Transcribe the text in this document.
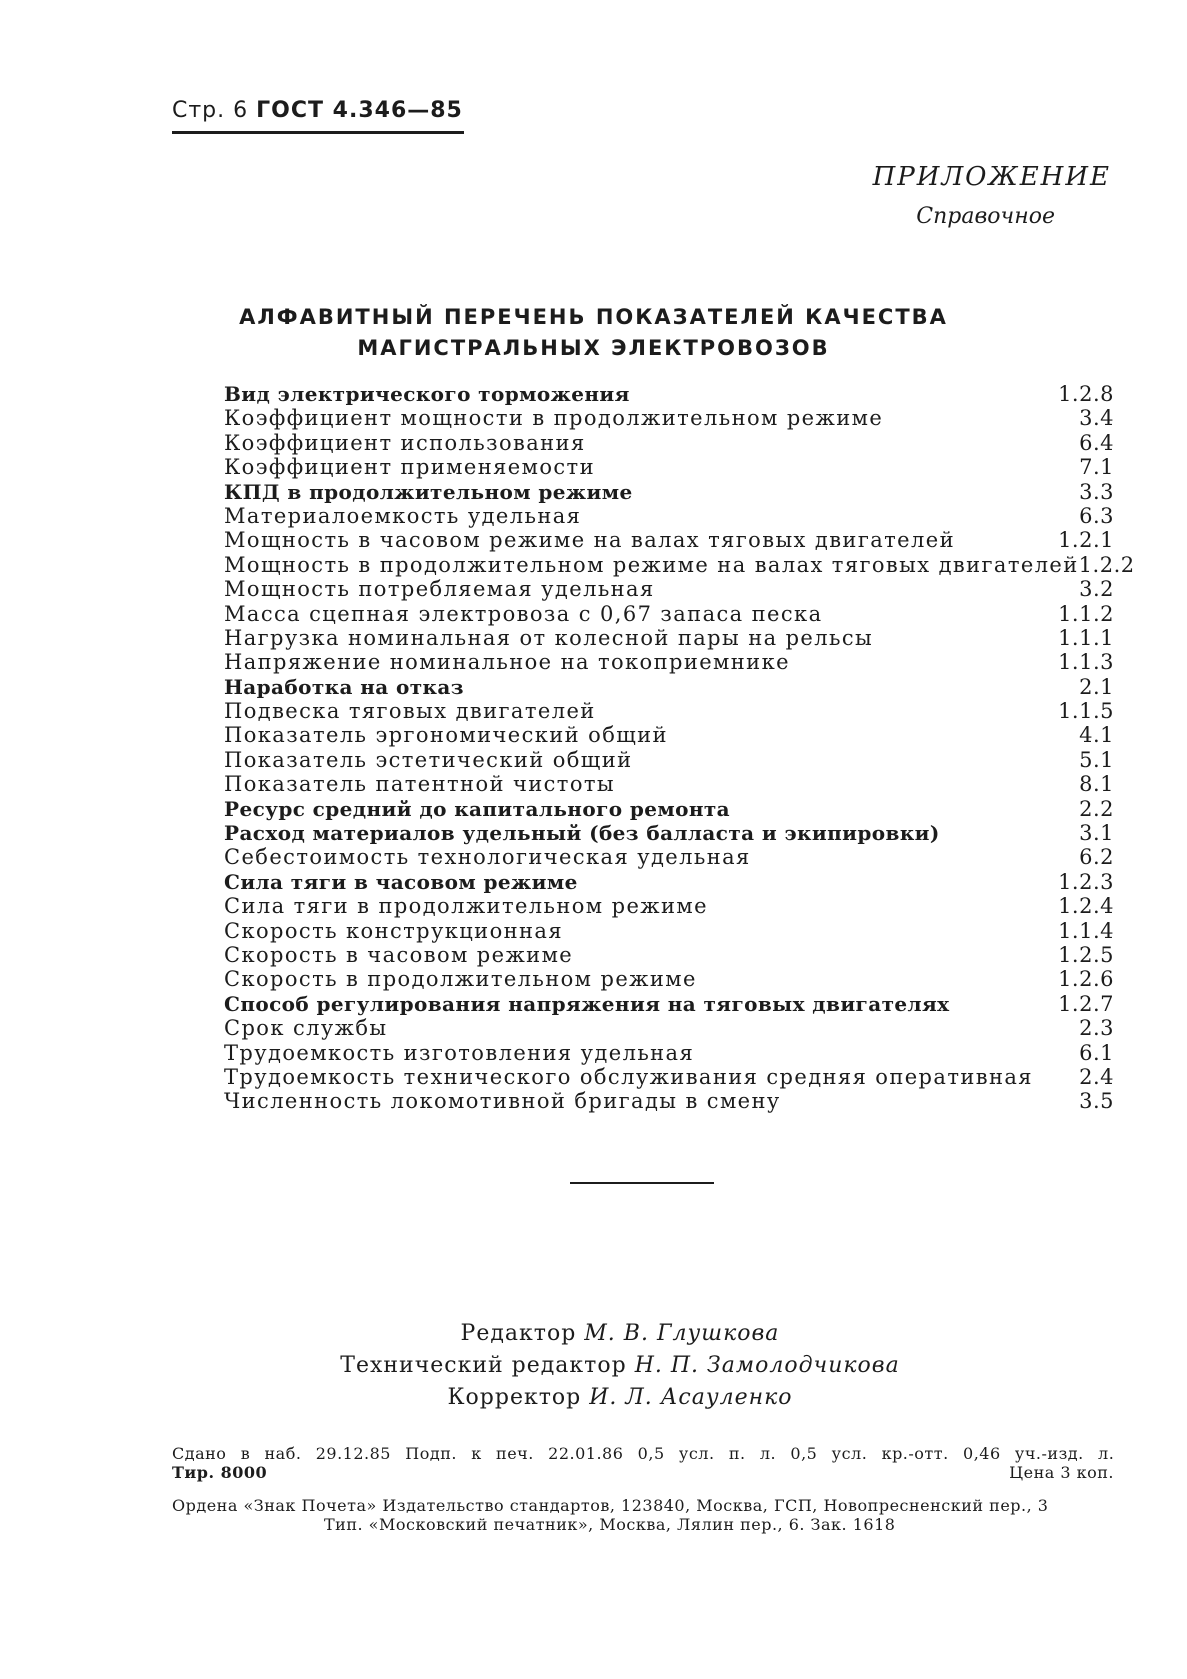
Стр. 6 ГОСТ 4.346—85
ПРИЛОЖЕНИЕ
Справочное
АЛФАВИТНЫЙ ПЕРЕЧЕНЬ ПОКАЗАТЕЛЕЙ КАЧЕСТВА
МАГИСТРАЛЬНЫХ ЭЛЕКТРОВОЗОВ
Вид электрического торможения	1.2.8
Коэффициент мощности в продолжительном режиме	3.4
Коэффициент использования	6.4
Коэффициент применяемости	7.1
КПД в продолжительном режиме	3.3
Материалоемкость удельная	6.3
Мощность в часовом режиме на валах тяговых двигателей	1.2.1
Мощность в продолжительном режиме на валах тяговых двигателей 1.2.2
Мощность потребляемая удельная	3.2
Масса сцепная электровоза с 0,67 запаса песка	1.1.2
Нагрузка номинальная от колесной пары на рельсы	1.1.1
Напряжение номинальное на токоприемнике	1.1.3
Наработка на отказ	2.1
Подвеска тяговых двигателей	1.1.5
Показатель эргономический общий	4.1
Показатель эстетический общий	5.1
Показатель патентной чистоты	8.1
Ресурс средний до капитального ремонта	2.2
Расход материалов удельный (без балласта и экипировки)	3.1
Себестоимость технологическая удельная	6.2
Сила тяги в часовом режиме	1.2.3
Сила тяги в продолжительном режиме	1.2.4
Скорость конструкционная	1.1.4
Скорость в часовом режиме	1.2.5
Скорость в продолжительном режиме	1.2.6
Способ регулирования напряжения на тяговых двигателях	1.2.7
Срок службы	2.3
Трудоемкость изготовления удельная	6.1
Трудоемкость технического обслуживания средняя оперативная 2.4
Численность локомотивной бригады в смену	3.5
Редактор М. В. Глушкова
Технический редактор Н. П. Замолодчикова
Корректор И. Л. Асауленко
Сдано в наб. 29.12.85 Подп. к печ. 22.01.86 0,5 усл. п. л. 0,5 усл. кр.-отт. 0,46 уч.-изд. л.
Тир. 8000	Цена 3 коп.
Ордена «Знак Почета» Издательство стандартов, 123840, Москва, ГСП, Новопресненский пер., 3
Тип. «Московский печатник», Москва, Лялин пер., 6. Зак. 1618
